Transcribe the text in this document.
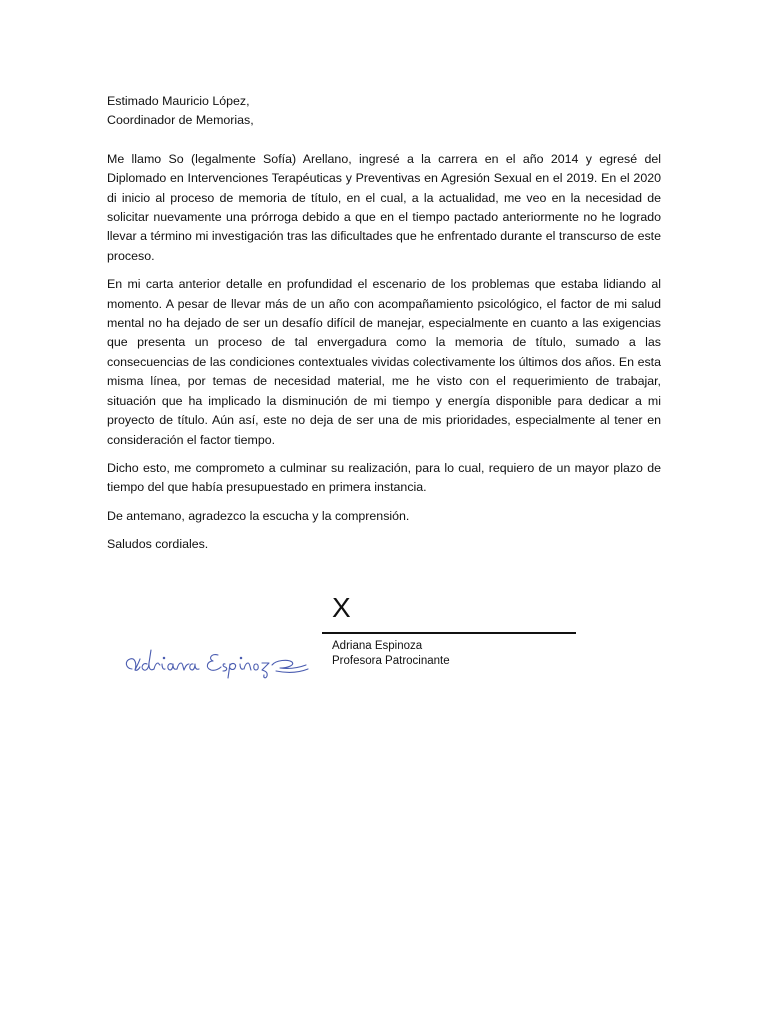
Estimado Mauricio López,

Coordinador de Memorias,

Me llamo So (legalmente Sofía) Arellano, ingresé a la carrera en el año 2014 y egresé del Diplomado en Intervenciones Terapéuticas y Preventivas en Agresión Sexual en el 2019. En el 2020 di inicio al proceso de memoria de título, en el cual, a la actualidad, me veo en la necesidad de solicitar nuevamente una prórroga debido a que en el tiempo pactado anteriormente no he logrado llevar a término mi investigación tras las dificultades que he enfrentado durante el transcurso de este proceso.

En mi carta anterior detalle en profundidad el escenario de los problemas que estaba lidiando al momento. A pesar de llevar más de un año con acompañamiento psicológico, el factor de mi salud mental no ha dejado de ser un desafío difícil de manejar, especialmente en cuanto a las exigencias que presenta un proceso de tal envergadura como la memoria de título, sumado a las consecuencias de las condiciones contextuales vividas colectivamente los últimos dos años. En esta misma línea, por temas de necesidad material, me he visto con el requerimiento de trabajar, situación que ha implicado la disminución de mi tiempo y energía disponible para dedicar a mi proyecto de título. Aún así, este no deja de ser una de mis prioridades, especialmente al tener en consideración el factor tiempo.

Dicho esto, me comprometo a culminar su realización, para lo cual, requiero de un mayor plazo de tiempo del que había presupuestado en primera instancia.

De antemano, agradezco la escucha y la comprensión.

Saludos cordiales.

X
Adriana Espinoza
Profesora Patrocinante
